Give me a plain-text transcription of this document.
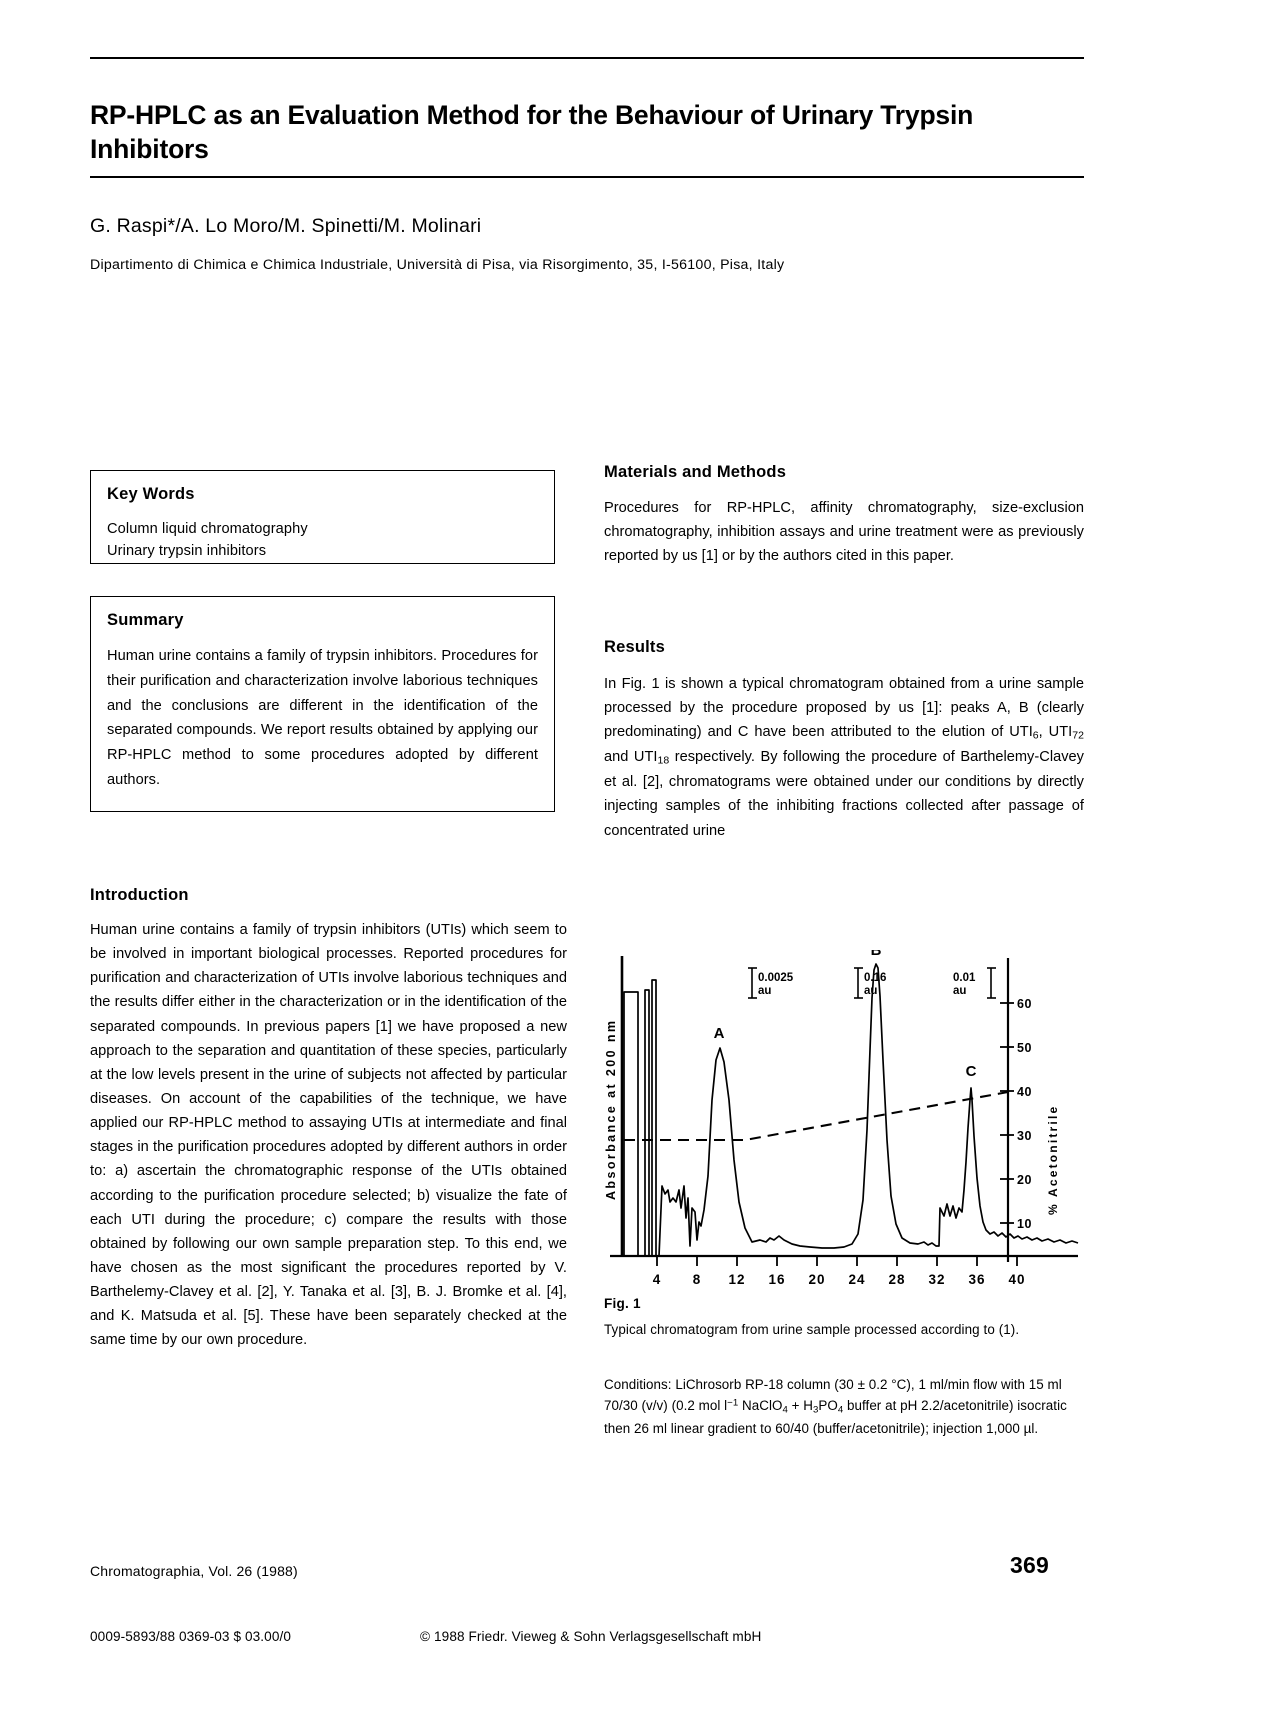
RP-HPLC as an Evaluation Method for the Behaviour of Urinary Trypsin Inhibitors
G. Raspi*/A. Lo Moro/M. Spinetti/M. Molinari
Dipartimento di Chimica e Chimica Industriale, Università di Pisa, via Risorgimento, 35, I-56100, Pisa, Italy
Key Words
Column liquid chromatography
Urinary trypsin inhibitors
Summary
Human urine contains a family of trypsin inhibitors. Procedures for their purification and characterization involve laborious techniques and the conclusions are different in the identification of the separated compounds. We report results obtained by applying our RP-HPLC method to some procedures adopted by different authors.
Introduction
Human urine contains a family of trypsin inhibitors (UTIs) which seem to be involved in important biological processes. Reported procedures for purification and characterization of UTIs involve laborious techniques and the results differ either in the characterization or in the identification of the separated compounds. In previous papers [1] we have proposed a new approach to the separation and quantitation of these species, particularly at the low levels present in the urine of subjects not affected by particular diseases. On account of the capabilities of the technique, we have applied our RP-HPLC method to assaying UTIs at intermediate and final stages in the purification procedures adopted by different authors in order to: a) ascertain the chromatographic response of the UTIs obtained according to the purification procedure selected; b) visualize the fate of each UTI during the procedure; c) compare the results with those obtained by following our own sample preparation step. To this end, we have chosen as the most significant the procedures reported by V. Barthelemy-Clavey et al. [2], Y. Tanaka et al. [3], B. J. Bromke et al. [4], and K. Matsuda et al. [5]. These have been separately checked at the same time by our own procedure.
Materials and Methods
Procedures for RP-HPLC, affinity chromatography, size-exclusion chromatography, inhibition assays and urine treatment were as previously reported by us [1] or by the authors cited in this paper.
Results
In Fig. 1 is shown a typical chromatogram obtained from a urine sample processed by the procedure proposed by us [1]: peaks A, B (clearly predominating) and C have been attributed to the elution of $UTI_6$, $UTI_{72}$ and $UTI_{18}$ respectively. By following the procedure of Barthelemy-Clavey et al. [2], chromatograms were obtained under our conditions by directly injecting samples of the inhibiting fractions collected after passage of concentrated urine
60
50
40
30
20
10
4 8 12 16 20 24 28 32 36 40
Absorbance at 200 nm	% Acetonitrile
A
B
C
0.0025
au
0.16
au
0.01
au
Fig. 1
Typical chromatogram from urine sample processed according to (1).
Conditions: LiChrosorb RP-18 column (30 ± 0.2 °C), 1 ml/min flow with 15 ml 70/30 (v/v) (0.2 mol $l^{-1}$ NaClO$_4$ + $H_3PO_4$ buffer at pH 2.2/acetonitrile) isocratic then 26 ml linear gradient to 60/40 (buffer/acetonitrile); injection 1,000 µl.
Chromatographia, Vol. 26 (1988)	369
0009-5893/88 0369-03 $ 03.00/0	© 1988 Friedr. Vieweg & Sohn Verlagsgesellschaft mbH
